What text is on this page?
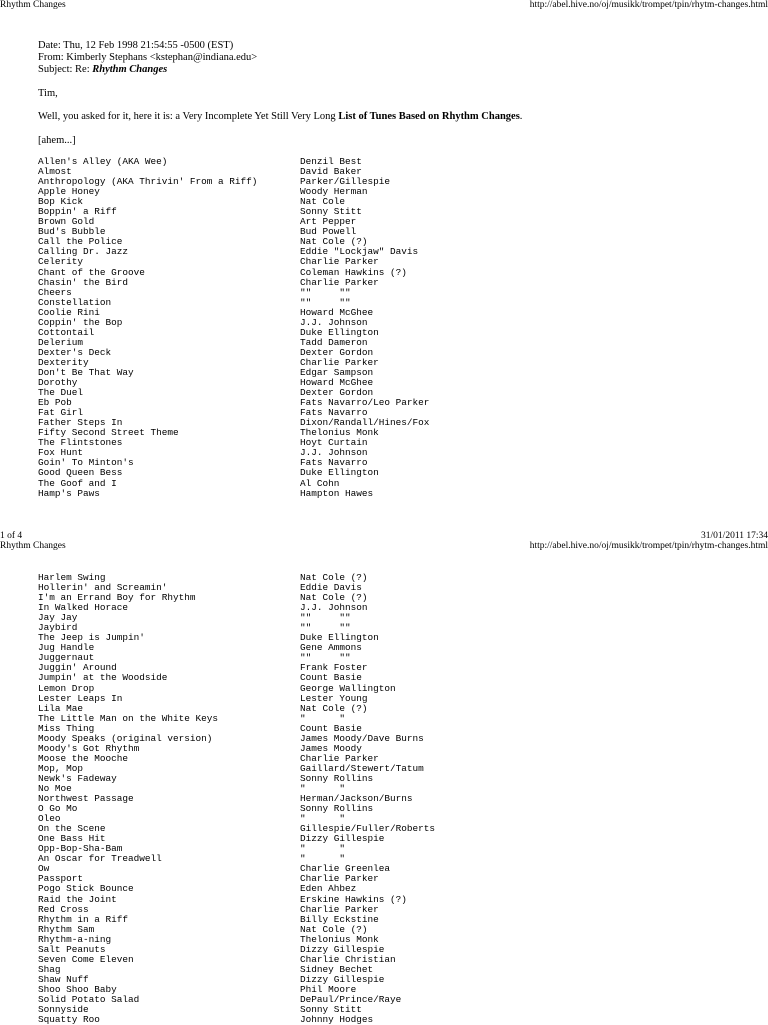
Rhythm Changes	http://abel.hive.no/oj/musikk/trompet/tpin/rhytm-changes.html
Date: Thu, 12 Feb 1998 21:54:55 -0500 (EST)
From: Kimberly Stephans <kstephan@indiana.edu>
Subject: Re: Rhythm Changes
Tim,
Well, you asked for it, here it is: a Very Incomplete Yet Still Very Long List of Tunes Based on Rhythm Changes.
[ahem...]
Allen's Alley (AKA Wee)	Denzil Best
Almost	David Baker
Anthropology (AKA Thrivin' From a Riff)	Parker/Gillespie
Apple Honey	Woody Herman
Bop Kick	Nat Cole
Boppin' a Riff	Sonny Stitt
Brown Gold	Art Pepper
Bud's Bubble	Bud Powell
Call the Police	Nat Cole (?)
Calling Dr. Jazz	Eddie "Lockjaw" Davis
Celerity	Charlie Parker
Chant of the Groove	Coleman Hawkins (?)
Chasin' the Bird	Charlie Parker
Cheers	""     ""
Constellation	""     ""
Coolie Rini	Howard McGhee
Coppin' the Bop	J.J. Johnson
Cottontail	Duke Ellington
Delerium	Tadd Dameron
Dexter's Deck	Dexter Gordon
Dexterity	Charlie Parker
Don't Be That Way	Edgar Sampson
Dorothy	Howard McGhee
The Duel	Dexter Gordon
Eb Pob	Fats Navarro/Leo Parker
Fat Girl	Fats Navarro
Father Steps In	Dixon/Randall/Hines/Fox
Fifty Second Street Theme	Thelonius Monk
The Flintstones	Hoyt Curtain
Fox Hunt	J.J. Johnson
Goin' To Minton's	Fats Navarro
Good Queen Bess	Duke Ellington
The Goof and I	Al Cohn
Hamp's Paws	Hampton Hawes
1 of 4	31/01/2011 17:34
Rhythm Changes	http://abel.hive.no/oj/musikk/trompet/tpin/rhytm-changes.html
Harlem Swing	Nat Cole (?)
Hollerin' and Screamin'	Eddie Davis
I'm an Errand Boy for Rhythm	Nat Cole (?)
In Walked Horace	J.J. Johnson
Jay Jay	""     ""
Jaybird	""     ""
The Jeep is Jumpin'	Duke Ellington
Jug Handle	Gene Ammons
Juggernaut	""     ""
Juggin' Around	Frank Foster
Jumpin' at the Woodside	Count Basie
Lemon Drop	George Wallington
Lester Leaps In	Lester Young
Lila Mae	Nat Cole (?)
The Little Man on the White Keys	"      "
Miss Thing	Count Basie
Moody Speaks (original version)	James Moody/Dave Burns
Moody's Got Rhythm	James Moody
Moose the Mooche	Charlie Parker
Mop, Mop	Gaillard/Stewert/Tatum
Newk's Fadeway	Sonny Rollins
No Moe	"      "
Northwest Passage	Herman/Jackson/Burns
O Go Mo	Sonny Rollins
Oleo	"      "
On the Scene	Gillespie/Fuller/Roberts
One Bass Hit	Dizzy Gillespie
Opp-Bop-Sha-Bam	"      "
An Oscar for Treadwell	"      "
Ow	Charlie Greenlea
Passport	Charlie Parker
Pogo Stick Bounce	Eden Ahbez
Raid the Joint	Erskine Hawkins (?)
Red Cross	Charlie Parker
Rhythm in a Riff	Billy Eckstine
Rhythm Sam	Nat Cole (?)
Rhythm-a-ning	Thelonius Monk
Salt Peanuts	Dizzy Gillespie
Seven Come Eleven	Charlie Christian
Shag	Sidney Bechet
Shaw Nuff	Dizzy Gillespie
Shoo Shoo Baby	Phil Moore
Solid Potato Salad	DePaul/Prince/Raye
Sonnyside	Sonny Stitt
Squatty Roo	Johnny Hodges
